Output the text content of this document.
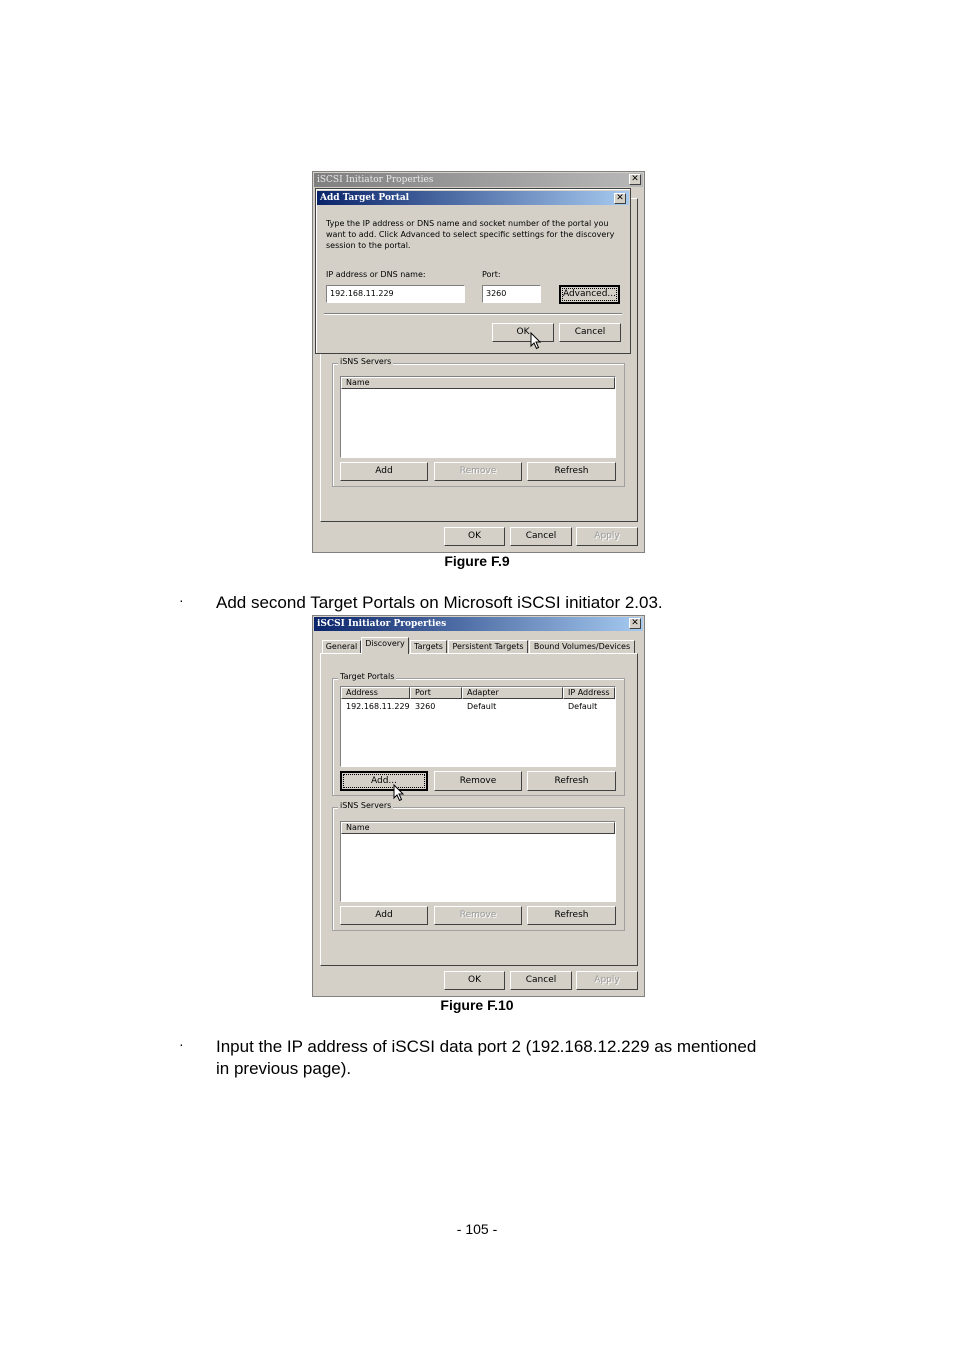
iSCSI Initiator Properties	✕
iSNS Servers
Name
Add	Remove	Refresh
OK	Cancel	Apply
Add Target Portal	✕
Type the IP address or DNS name and socket number of the portal you want to add. Click Advanced to select specific settings for the discovery session to the portal.
IP address or DNS name:
192.168.11.229
Port:
3260	Advanced...
OK	Cancel
Figure F.9
· Add second Target Portals on Microsoft iSCSI initiator 2.03.
iSCSI Initiator Properties	✕
General Discovery	Targets	Persistent Targets	Bound Volumes/Devices
Target Portals
Address	Port	Adapter	IP Address
192.168.11.229 3260	Default	Default
Add...	Remove	Refresh
iSNS Servers
Name
Add	Remove	Refresh
OK	Cancel	Apply
Figure F.10
· Input the IP address of iSCSI data port 2 (192.168.12.229 as mentioned
in previous page).
- 105 -
